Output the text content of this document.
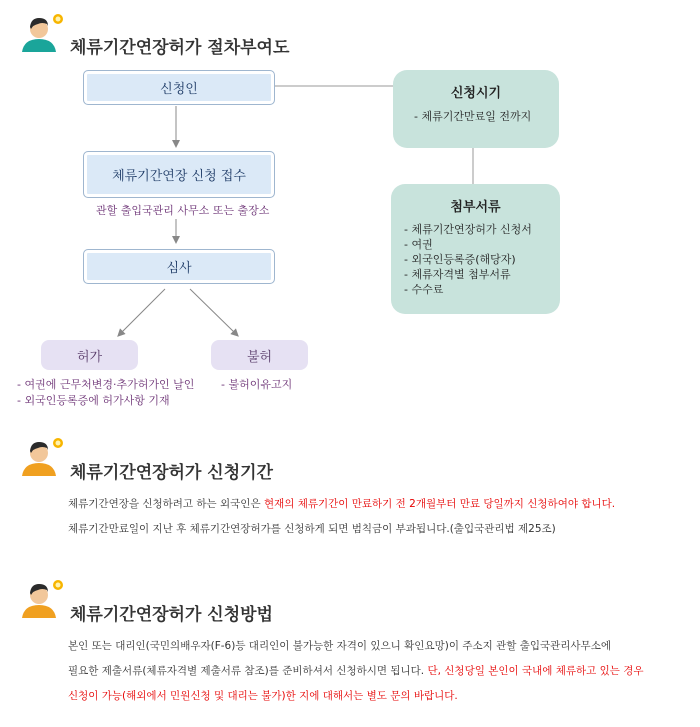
체류기간연장허가 절차부여도
신청인
체류기간연장 신청 접수
관할 출입국관리 사무소 또는 출장소
심사
허가	불허
- 여권에 근무처변경·추가허가인 날인
- 외국인등록증에 허가사항 기재
- 불허이유고지
신청시기
- 체류기간만료일 전까지
첨부서류
- 체류기간연장허가 신청서
- 여권
- 외국인등록증(해당자)
- 체류자격별 첨부서류
- 수수료
체류기간연장허가 신청기간
체류기간연장을 신청하려고 하는 외국인은 현재의 체류기간이 만료하기 전 2개월부터 만료 당일까지 신청하여야 합니다.
체류기간만료일이 지난 후 체류기간연장허가를 신청하게 되면 범칙금이 부과됩니다.(출입국관리법 제25조)
체류기간연장허가 신청방법
본인 또는 대리인(국민의배우자(F-6)등 대리인이 불가능한 자격이 있으니 확인요망)이 주소지 관할 출입국관리사무소에
필요한 제출서류(체류자격별 제출서류 참조)를 준비하셔서 신청하시면 됩니다. 단, 신청당일 본인이 국내에 체류하고 있는 경우
신청이 가능(해외에서 민원신청 및 대리는 불가)한 지에 대해서는 별도 문의 바랍니다.
